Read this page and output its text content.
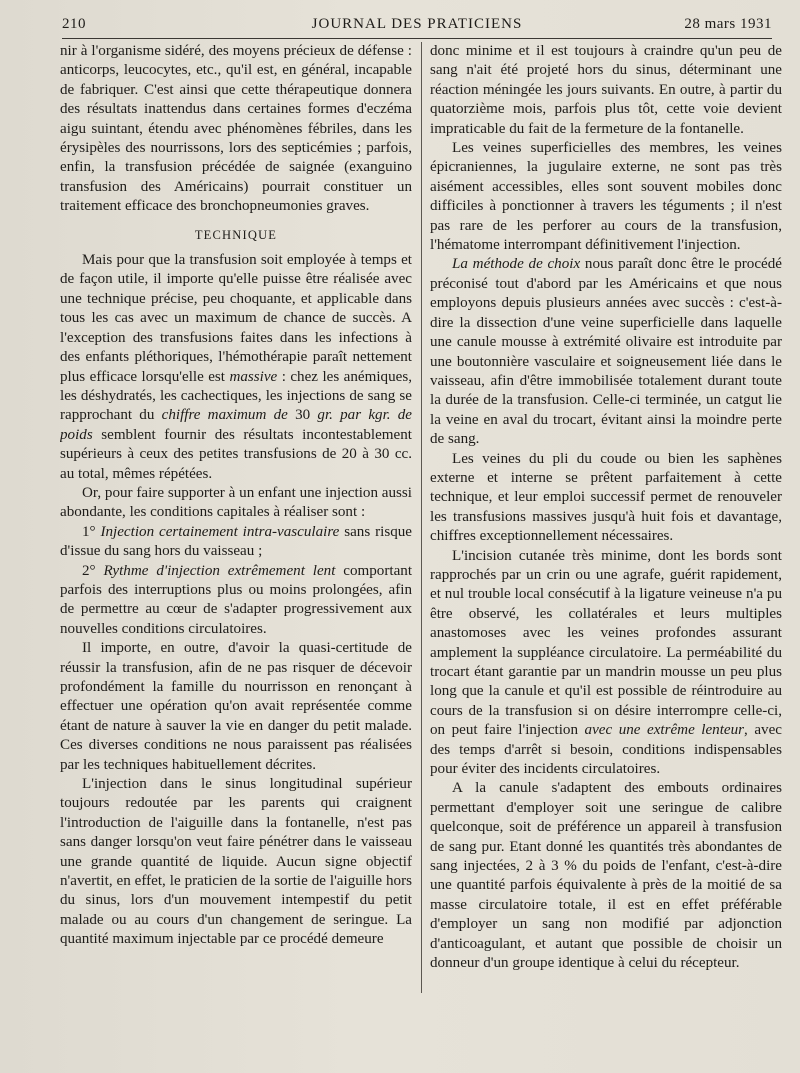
210	JOURNAL DES PRATICIENS	28 mars 1931

nir à l'organisme sidéré, des moyens précieux de défense : anticorps, leucocytes, etc., qu'il est, en général, incapable de fabriquer. C'est ainsi que cette thérapeutique donnera des résultats inattendus dans certaines formes d'eczéma aigu suintant, étendu avec phénomènes fébriles, dans les érysipèles des nourrissons, lors des septicémies ; parfois, enfin, la transfusion précédée de saignée (exanguino transfusion des Américains) pourrait constituer un traitement efficace des bronchopneumonies graves.

TECHNIQUE

Mais pour que la transfusion soit employée à temps et de façon utile, il importe qu'elle puisse être réalisée avec une technique précise, peu choquante, et applicable dans tous les cas avec un maximum de chance de succès. A l'exception des transfusions faites dans les infections à des enfants pléthoriques, l'hémothérapie paraît nettement plus efficace lorsqu'elle est massive : chez les anémiques, les déshydratés, les cachectiques, les injections de sang se rapprochant du chiffre maximum de 30 gr. par kgr. de poids semblent fournir des résultats incontestablement supérieurs à ceux des petites transfusions de 20 à 30 cc. au total, mêmes répétées.

Or, pour faire supporter à un enfant une injection aussi abondante, les conditions capitales à réaliser sont :

1° Injection certainement intra-vasculaire sans risque d'issue du sang hors du vaisseau ;

2° Rythme d'injection extrêmement lent comportant parfois des interruptions plus ou moins prolongées, afin de permettre au cœur de s'adapter progressivement aux nouvelles conditions circulatoires.

Il importe, en outre, d'avoir la quasi-certitude de réussir la transfusion, afin de ne pas risquer de décevoir profondément la famille du nourrisson en renonçant à effectuer une opération qu'on avait représentée comme étant de nature à sauver la vie en danger du petit malade. Ces diverses conditions ne nous paraissent pas réalisées par les techniques habituellement décrites.

L'injection dans le sinus longitudinal supérieur toujours redoutée par les parents qui craignent l'introduction de l'aiguille dans la fontanelle, n'est pas sans danger lorsqu'on veut faire pénétrer dans le vaisseau une grande quantité de liquide. Aucun signe objectif n'avertit, en effet, le praticien de la sortie de l'aiguille hors du sinus, lors d'un mouvement intempestif du petit malade ou au cours d'un changement de seringue. La quantité maximum injectable par ce procédé demeure

donc minime et il est toujours à craindre qu'un peu de sang n'ait été projeté hors du sinus, déterminant une réaction méningée les jours suivants. En outre, à partir du quatorzième mois, parfois plus tôt, cette voie devient impraticable du fait de la fermeture de la fontanelle.

Les veines superficielles des membres, les veines épicraniennes, la jugulaire externe, ne sont pas très aisément accessibles, elles sont souvent mobiles donc difficiles à ponctionner à travers les téguments ; il n'est pas rare de les perforer au cours de la transfusion, l'hématome interrompant définitivement l'injection.

La méthode de choix nous paraît donc être le procédé préconisé tout d'abord par les Américains et que nous employons depuis plusieurs années avec succès : c'est-à-dire la dissection d'une veine superficielle dans laquelle une canule mousse à extrémité olivaire est introduite par une boutonnière vasculaire et soigneusement liée dans le vaisseau, afin d'être immobilisée totalement durant toute la durée de la transfusion. Celle-ci terminée, un catgut lie la veine en aval du trocart, évitant ainsi la moindre perte de sang.

Les veines du pli du coude ou bien les saphènes externe et interne se prêtent parfaitement à cette technique, et leur emploi successif permet de renouveler les transfusions massives jusqu'à huit fois et davantage, chiffres exceptionnellement nécessaires.

L'incision cutanée très minime, dont les bords sont rapprochés par un crin ou une agrafe, guérit rapidement, et nul trouble local consécutif à la ligature veineuse n'a pu être observé, les collatérales et leurs multiples anastomoses avec les veines profondes assurant amplement la suppléance circulatoire. La perméabilité du trocart étant garantie par un mandrin mousse un peu plus long que la canule et qu'il est possible de réintroduire au cours de la transfusion si on désire interrompre celle-ci, on peut faire l'injection avec une extrême lenteur, avec des temps d'arrêt si besoin, conditions indispensables pour éviter des incidents circulatoires.

A la canule s'adaptent des embouts ordinaires permettant d'employer soit une seringue de calibre quelconque, soit de préférence un appareil à transfusion de sang pur. Etant donné les quantités très abondantes de sang injectées, 2 à 3 % du poids de l'enfant, c'est-à-dire une quantité parfois équivalente à près de la moitié de sa masse circulatoire totale, il est en effet préférable d'employer un sang non modifié par adjonction d'anticoagulant, et autant que possible de choisir un donneur d'un groupe identique à celui du récepteur.
